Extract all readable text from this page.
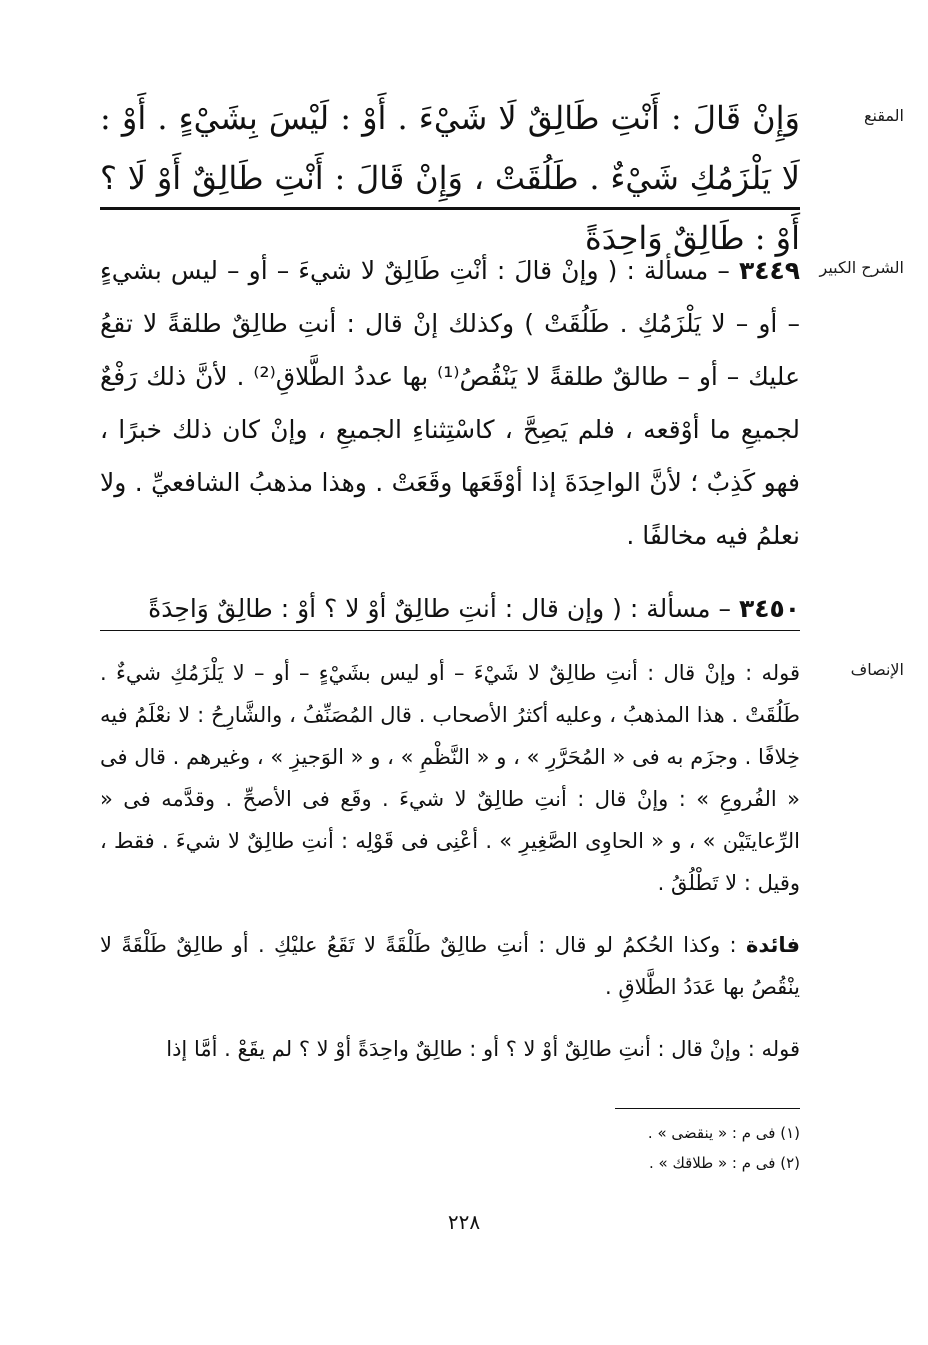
المقنع

وَإِنْ قَالَ : أَنْتِ طَالِقٌ لَا شَيْءَ . أَوْ : لَيْسَ بِشَيْءٍ . أَوْ : لَا يَلْزَمُكِ شَيْءٌ . طَلُقَتْ ، وَإِنْ قَالَ : أَنْتِ طَالِقٌ أَوْ لَا ؟ أَوْ : طَالِقٌ وَاحِدَةً

الشرح الكبير

٣٤٤٩ – مسألة : ( وإنْ قالَ : أنْتِ طَالِقٌ لا شيءَ – أو – ليس بشيءٍ – أو – لا يَلْزَمُكِ . طَلُقَتْ ) وكذلك إنْ قال : أنتِ طالِقٌ طلقةً لا تقعُ عليك – أو – طالقٌ طلقةً لا يَنْقُصُ⁽¹⁾ بها عددُ الطَّلاقِ⁽²⁾ . لأنَّ ذلك رَفْعٌ لجميعِ ما أوْقعه ، فلم يَصِحَّ ، كاسْتِثناءِ الجميعِ ، وإنْ كان ذلك خبرًا ، فهو كَذِبٌ ؛ لأنَّ الواحِدَةَ إذا أوْقَعَها وقَعَتْ . وهذا مذهبُ الشافعيِّ . ولا نعلمُ فيه مخالفًا .

٣٤٥٠ – مسألة : ( وإن قال : أنتِ طالِقٌ أوْ لا ؟ أوْ : طالِقٌ وَاحِدَةً

الإنصاف

قوله : وإنْ قال : أنتِ طالِقٌ لا شَيْءَ – أو ليس بشَيْءٍ – أو – لا يَلْزَمُكِ شيءٌ . طَلُقَتْ . هذا المذهبُ ، وعليه أكثرُ الأصحاب . قال المُصَنِّفُ ، والشَّارِحُ : لا نعْلَمُ فيه خِلافًا . وجزَم به فى « المُحَرَّرِ » ، و « النَّظْمِ » ، و « الوَجيزِ » ، وغيرهم . قال فى « الفُروعِ » : وإنْ قال : أنتِ طالِقٌ لا شيءَ . وقَع فى الأصحِّ . وقدَّمه فى « الرِّعايتَيْن » ، و « الحاوِى الصَّغِيرِ » . أعْنِى فى قَوْلِه : أنتِ طالِقٌ لا شيءَ . فقط ، وقيل : لا تَطْلُقُ .

فائدة : وكذا الحُكمُ لو قال : أنتِ طالِقٌ طَلْقَةً لا تَقَعُ عليْكِ . أو طالِقٌ طَلْقَةً لا ينْقُصُ بها عَدَدُ الطَّلاقِ .

قوله : وإنْ قال : أنتِ طالِقٌ أوْ لا ؟ أو : طالِقٌ واحِدَةً أوْ لا ؟ لم يقَعْ . أمَّا إذا

(١) فى م : « ينقضى » .
(٢) فى م : « طلاقك » .
٢٢٨
